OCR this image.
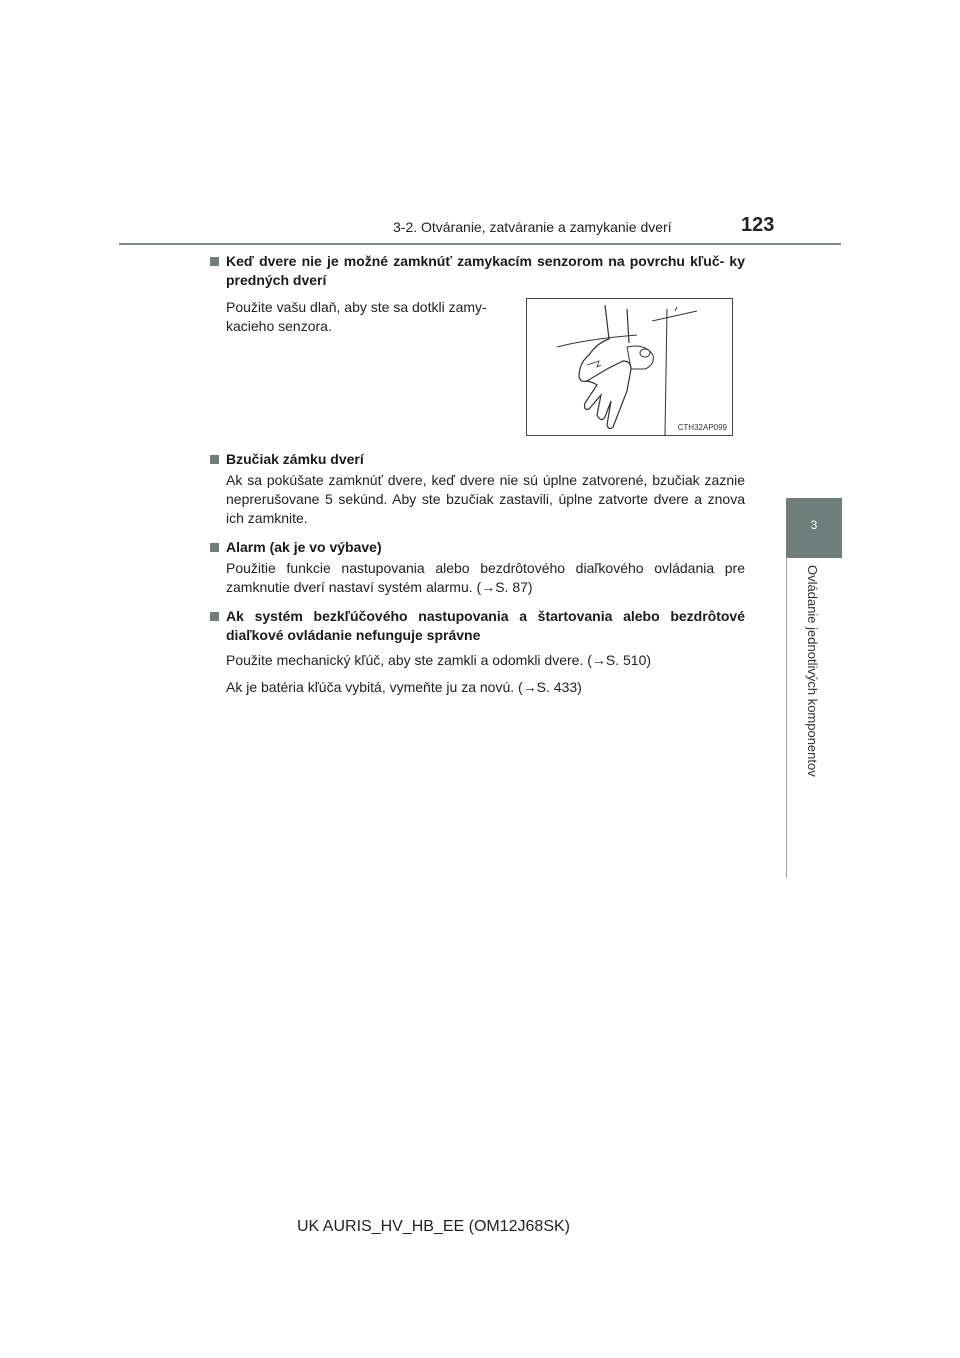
3-2. Otváranie, zatváranie a zamykanie dverí	123
3
Ovládanie jednotlivých komponentov
Keď dvere nie je možné zamknúť zamykacím senzorom na povrchu kľuč- ky predných dverí
Použite vašu dlaň, aby ste sa dotkli zamy- kacieho senzora.
CTH32AP099
Bzučiak zámku dverí
Ak sa pokúšate zamknúť dvere, keď dvere nie sú úplne zatvorené, bzučiak zaznie neprerušovane 5 sekúnd. Aby ste bzučiak zastavili, úplne zatvorte dvere a znova ich zamknite.
Alarm (ak je vo výbave)
Použitie funkcie nastupovania alebo bezdrôtového diaľkového ovládania pre zamknutie dverí nastaví systém alarmu. (→S. 87)
Ak systém bezkľúčového nastupovania a štartovania alebo bezdrôtové diaľkové ovládanie nefunguje správne
Použite mechanický kľúč, aby ste zamkli a odomkli dvere. (→S. 510)
Ak je batéria kľúča vybitá, vymeňte ju za novú. (→S. 433)
UK AURIS_HV_HB_EE (OM12J68SK)
